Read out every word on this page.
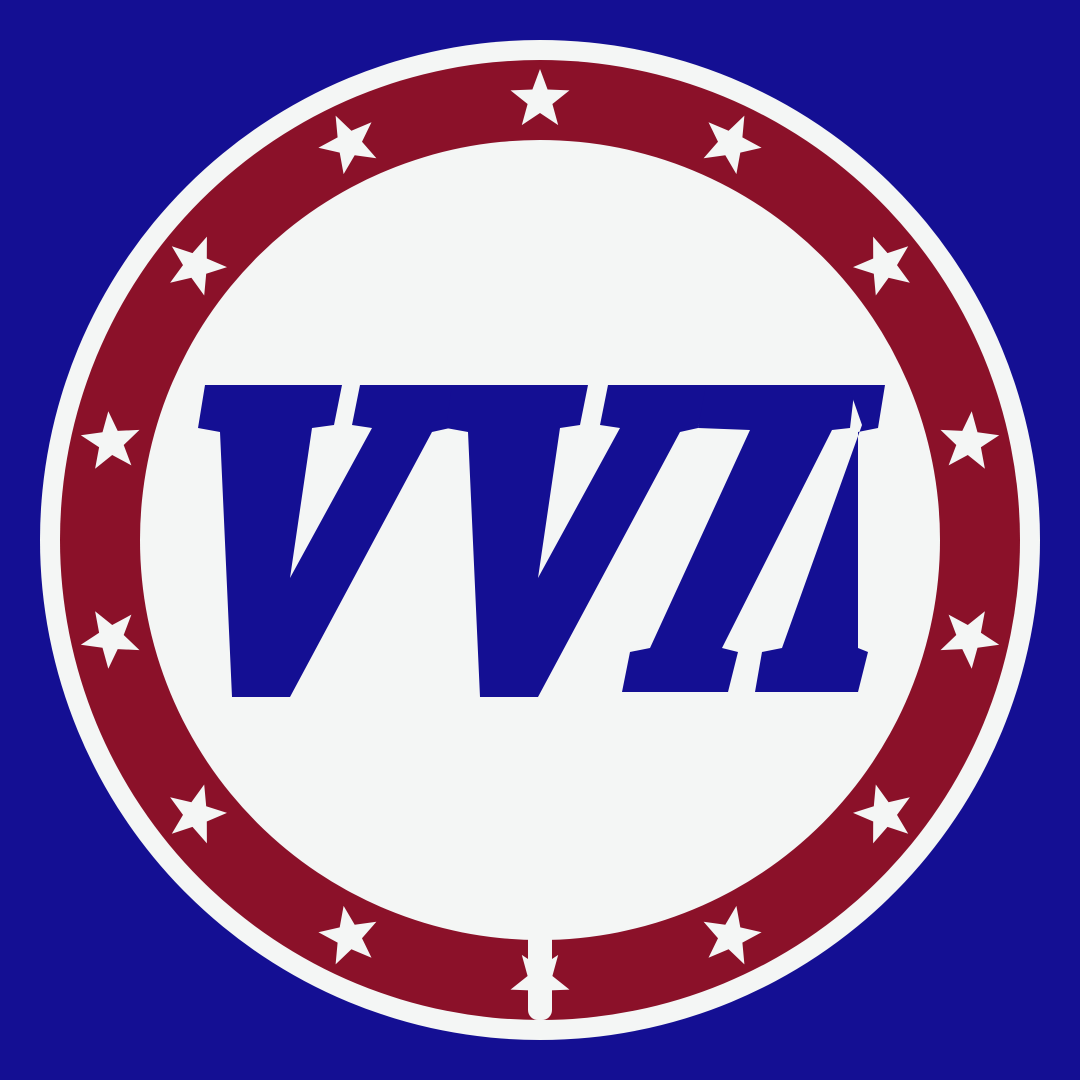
VVII
